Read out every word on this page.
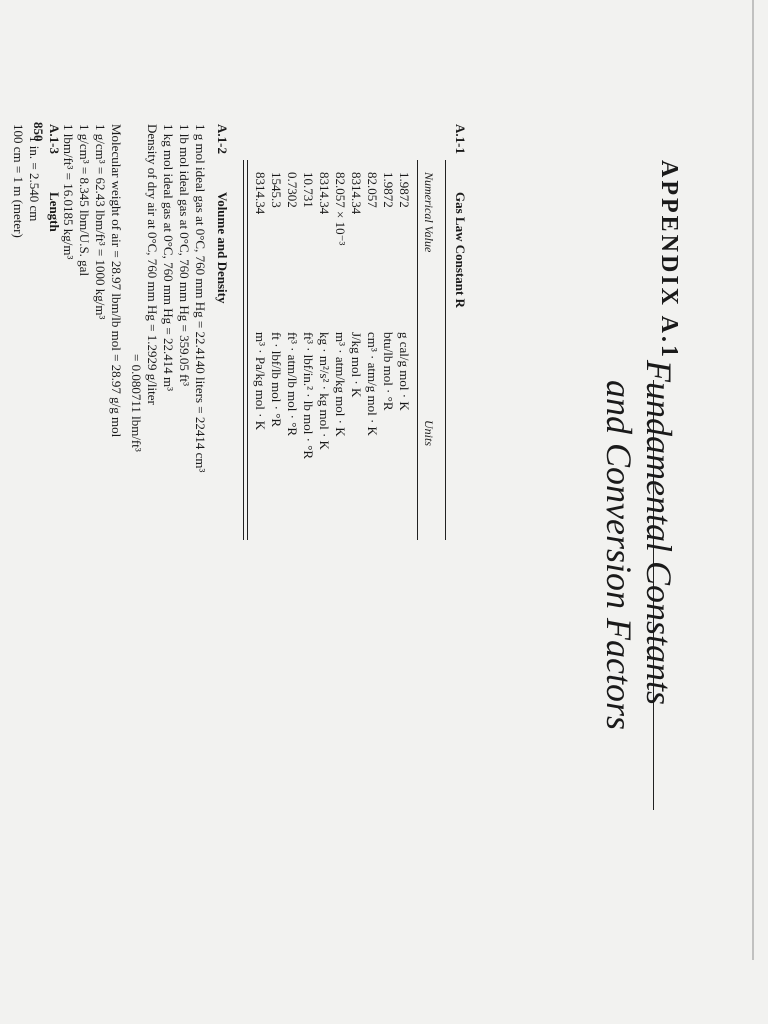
850
APPENDIX A.1
Fundamental Constants
and Conversion Factors
A.1-1
Gas Law Constant R
Numerical Value
Units
1.9872
1.9872
82.057
8314.34
82.057 × 10⁻³
8314.34
10.731
0.7302
1545.3
8314.34
g cal/g mol · K
btu/lb mol · °R
cm³ · atm/g mol · K
J/kg mol · K
m³ · atm/kg mol · K
kg · m²/s² · kg mol · K
ft³ · lbf/in.² · lb mol · °R
ft³ · atm/lb mol · °R
ft · lbf/lb mol · °R
m³ · Pa/kg mol · K
A.1-2
Volume and Density
1 g mol ideal gas at 0°C, 760 mm Hg = 22.4140 liters = 22414 cm³
1 lb mol ideal gas at 0°C, 760 mm Hg = 359.05 ft³
1 kg mol ideal gas at 0°C, 760 mm Hg = 22.414 m³
Density of dry air at 0°C, 760 mm Hg = 1.2929 g/liter
= 0.080711 lbm/ft³
Molecular weight of air = 28.97 lbm/lb mol = 28.97 g/g mol
1 g/cm³ = 62.43 lbm/ft³ = 1000 kg/m³
1 g/cm³ = 8.345 lbm/U.S. gal
1 lbm/ft³ = 16.0185 kg/m³
A.1-3
Length
1 in. = 2.540 cm
100 cm = 1 m (meter)
